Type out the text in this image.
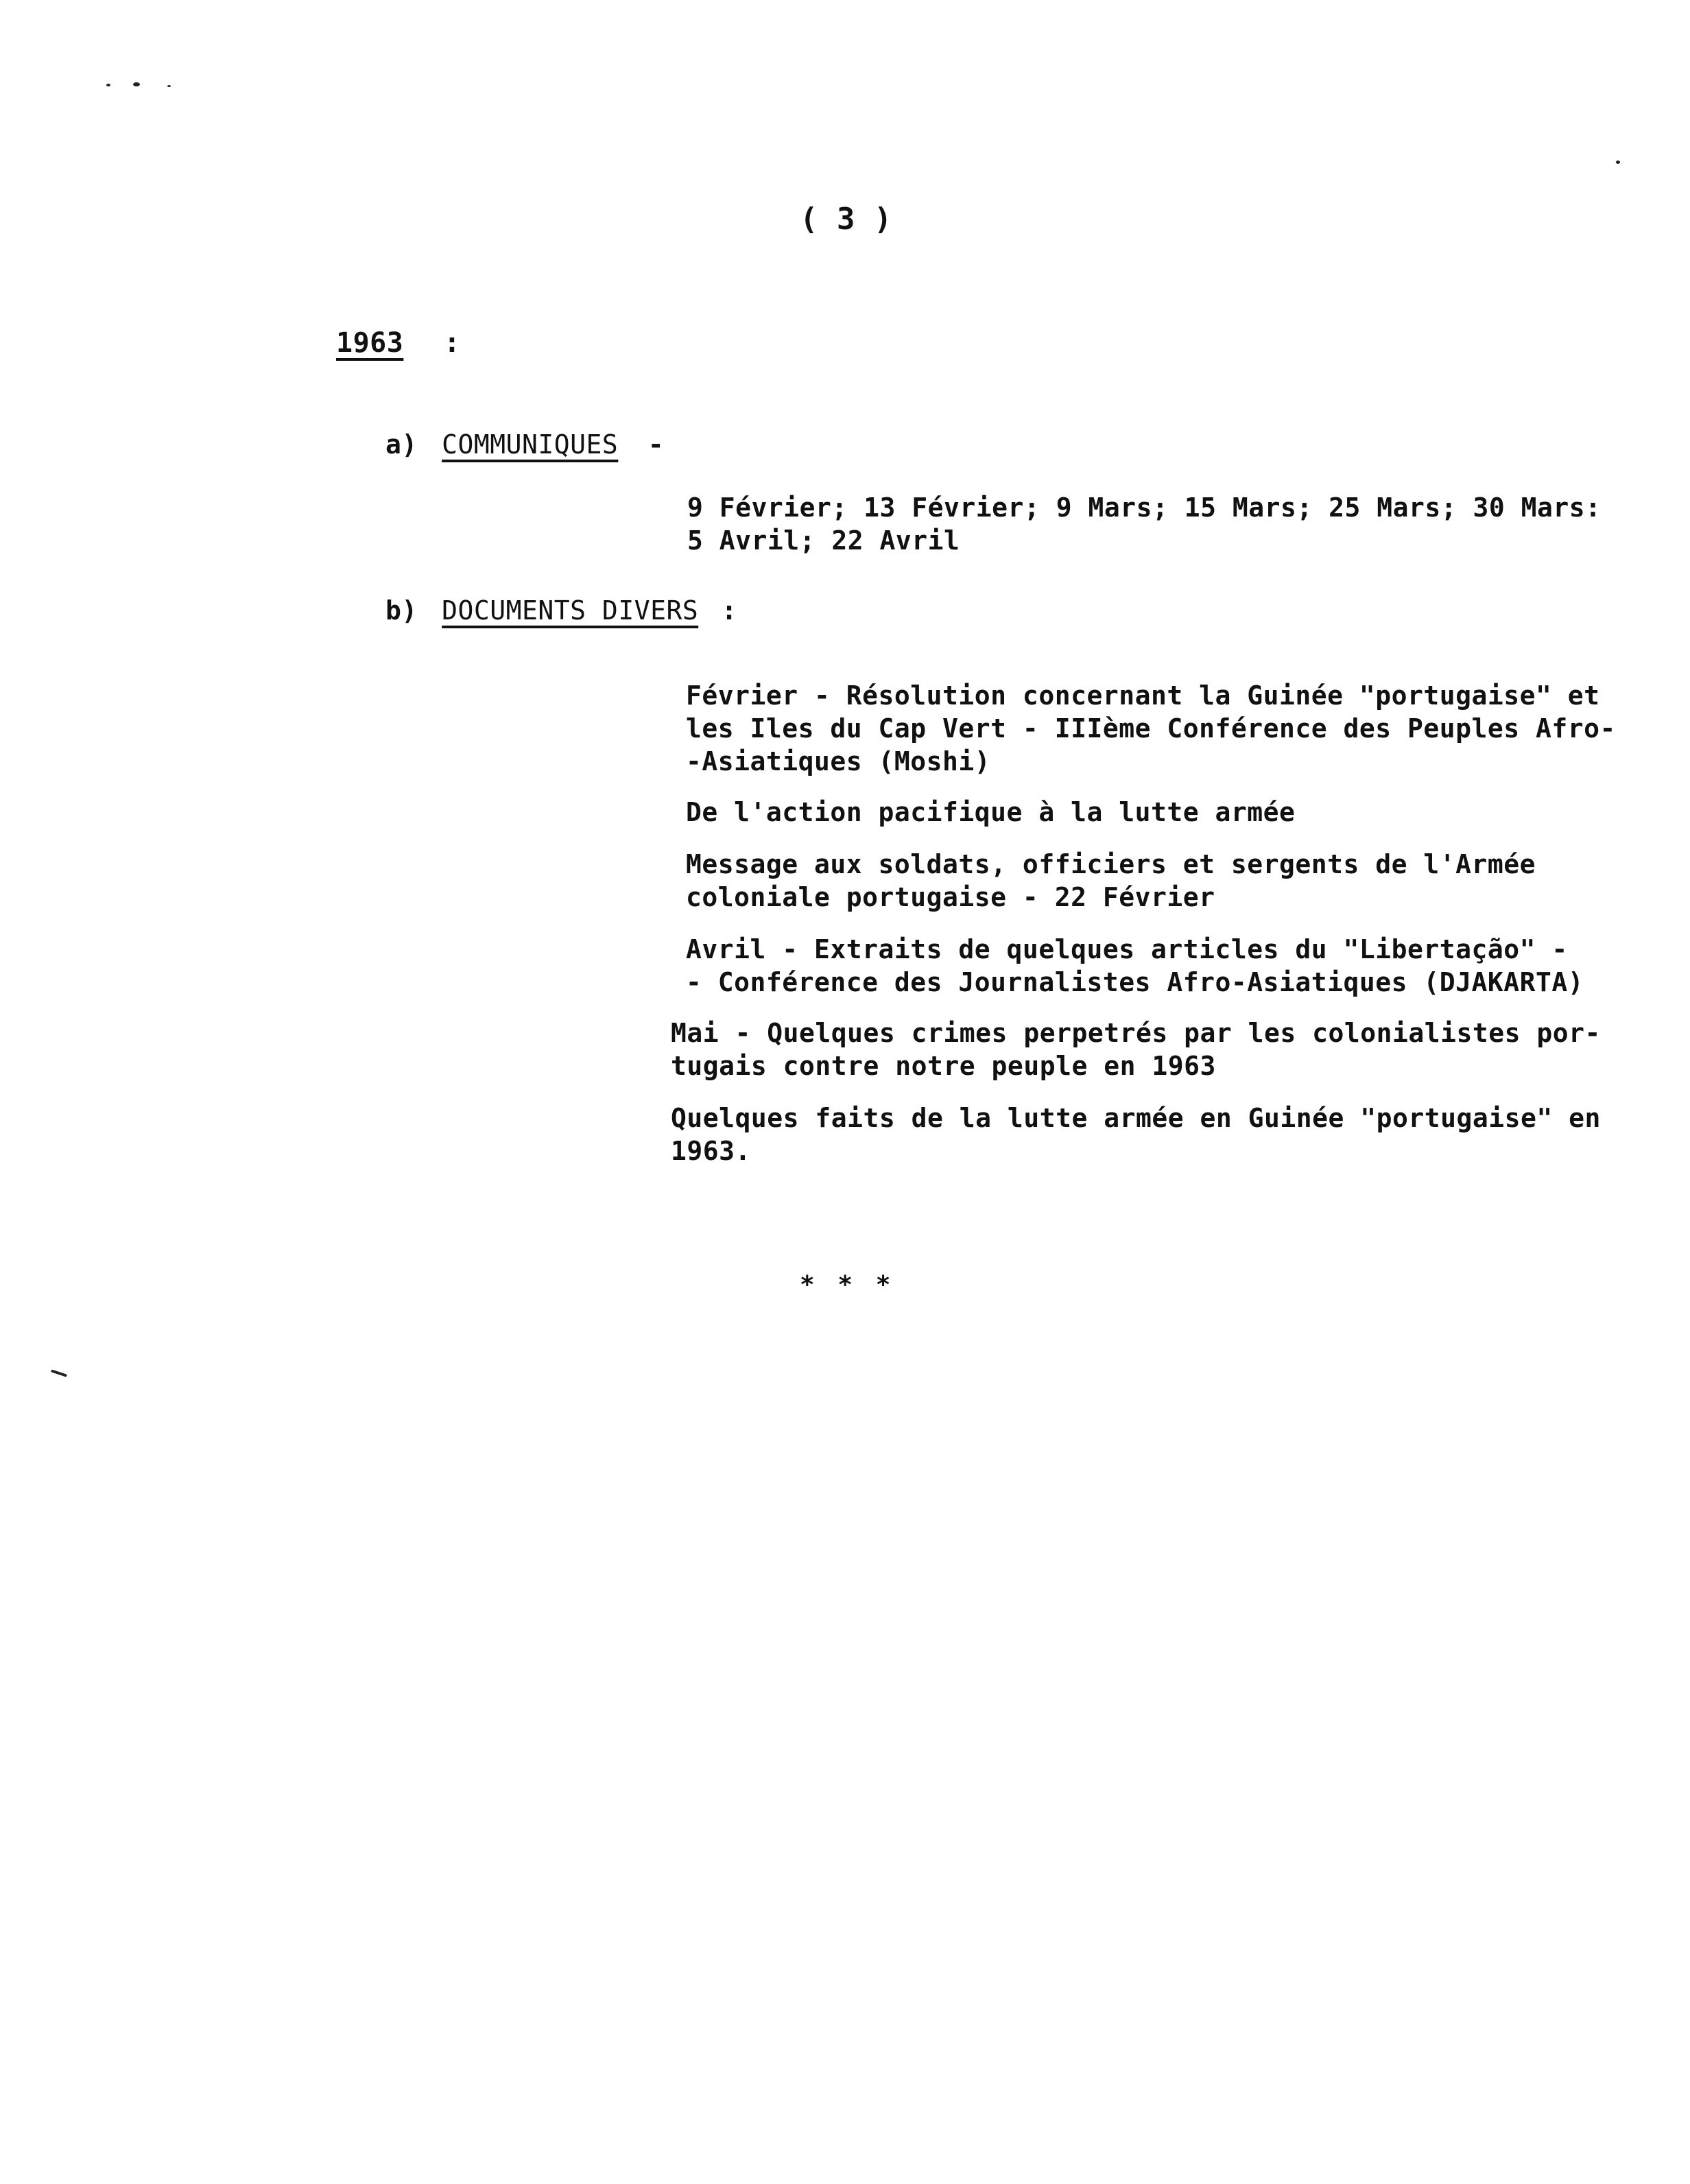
( 3 )
1963 :
a) COMMUNIQUES -
9 Février; 13 Février; 9 Mars; 15 Mars; 25 Mars; 30 Mars:
5 Avril; 22 Avril
b) DOCUMENTS DIVERS :
Février - Résolution concernant la Guinée "portugaise" et
les Iles du Cap Vert - IIIème Conférence des Peuples Afro-
-Asiatiques (Moshi)
De l'action pacifique à la lutte armée
Message aux soldats, officiers et sergents de l'Armée
coloniale portugaise - 22 Février
Avril - Extraits de quelques articles du "Libertação" -
- Conférence des Journalistes Afro-Asiatiques (DJAKARTA)
Mai - Quelques crimes perpetrés par les colonialistes por-
tugais contre notre peuple en 1963
Quelques faits de la lutte armée en Guinée "portugaise" en
1963.
* * *
